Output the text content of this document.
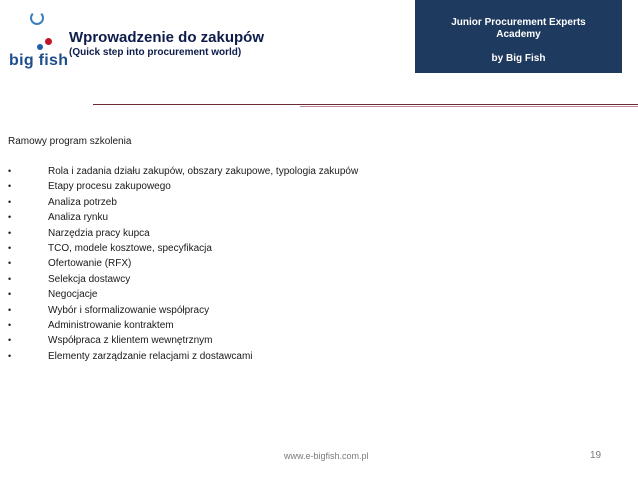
big fish
Wprowadzenie do zakupów
(Quick step into procurement world)
Junior Procurement Experts
Academy
by Big Fish
Ramowy program szkolenia
•	Rola i zadania działu zakupów, obszary zakupowe, typologia zakupów
•	Etapy procesu zakupowego
•	Analiza potrzeb
•	Analiza rynku
•	Narzędzia pracy kupca
•	TCO, modele kosztowe, specyfikacja
•	Ofertowanie (RFX)
•	Selekcja dostawcy
•	Negocjacje
•	Wybór i sformalizowanie współpracy
•	Administrowanie kontraktem
•	Współpraca z klientem wewnętrznym
•	Elementy zarządzanie relacjami z dostawcami
www.e-bigfish.com.pl	19
